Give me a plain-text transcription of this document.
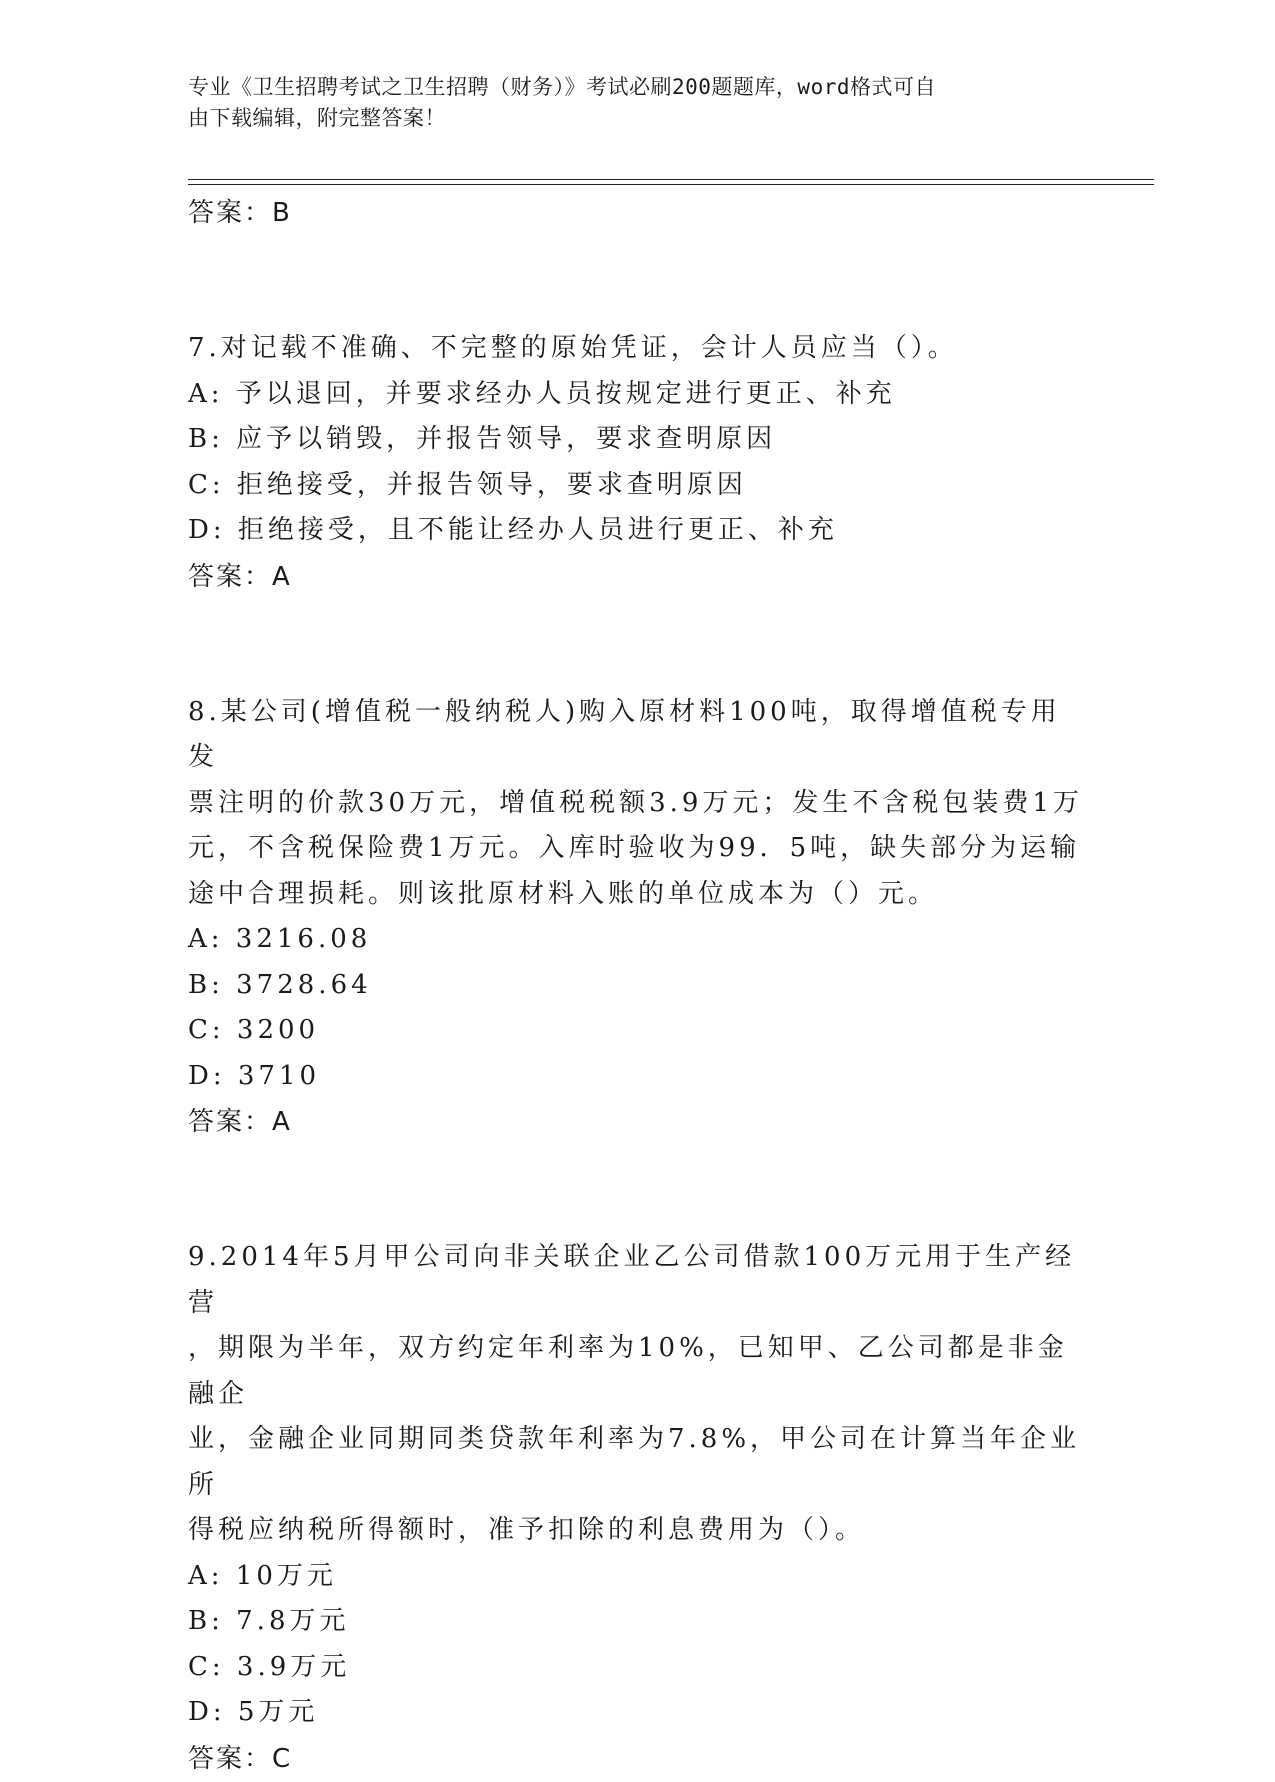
专业《卫生招聘考试之卫生招聘（财务）》考试必刷200题题库，word格式可自
由下载编辑，附完整答案！
答案：B
7.对记载不准确、不完整的原始凭证，会计人员应当（）。
A: 予以退回，并要求经办人员按规定进行更正、补充
B: 应予以销毁，并报告领导，要求查明原因
C: 拒绝接受，并报告领导，要求查明原因
D: 拒绝接受，且不能让经办人员进行更正、补充
答案：A
8.某公司(增值税一般纳税人)购入原材料100吨，取得增值税专用发
票注明的价款30万元，增值税税额3.9万元；发生不含税包装费1万
元，不含税保险费1万元。入库时验收为99．5吨，缺失部分为运输
途中合理损耗。则该批原材料入账的单位成本为（）元。
A: 3216.08
B: 3728.64
C: 3200
D: 3710
答案：A
9.2014年5月甲公司向非关联企业乙公司借款100万元用于生产经营
，期限为半年，双方约定年利率为10%，已知甲、乙公司都是非金融企
业，金融企业同期同类贷款年利率为7.8%，甲公司在计算当年企业所
得税应纳税所得额时，准予扣除的利息费用为（）。
A: 10万元
B: 7.8万元
C: 3.9万元
D: 5万元
答案：C
